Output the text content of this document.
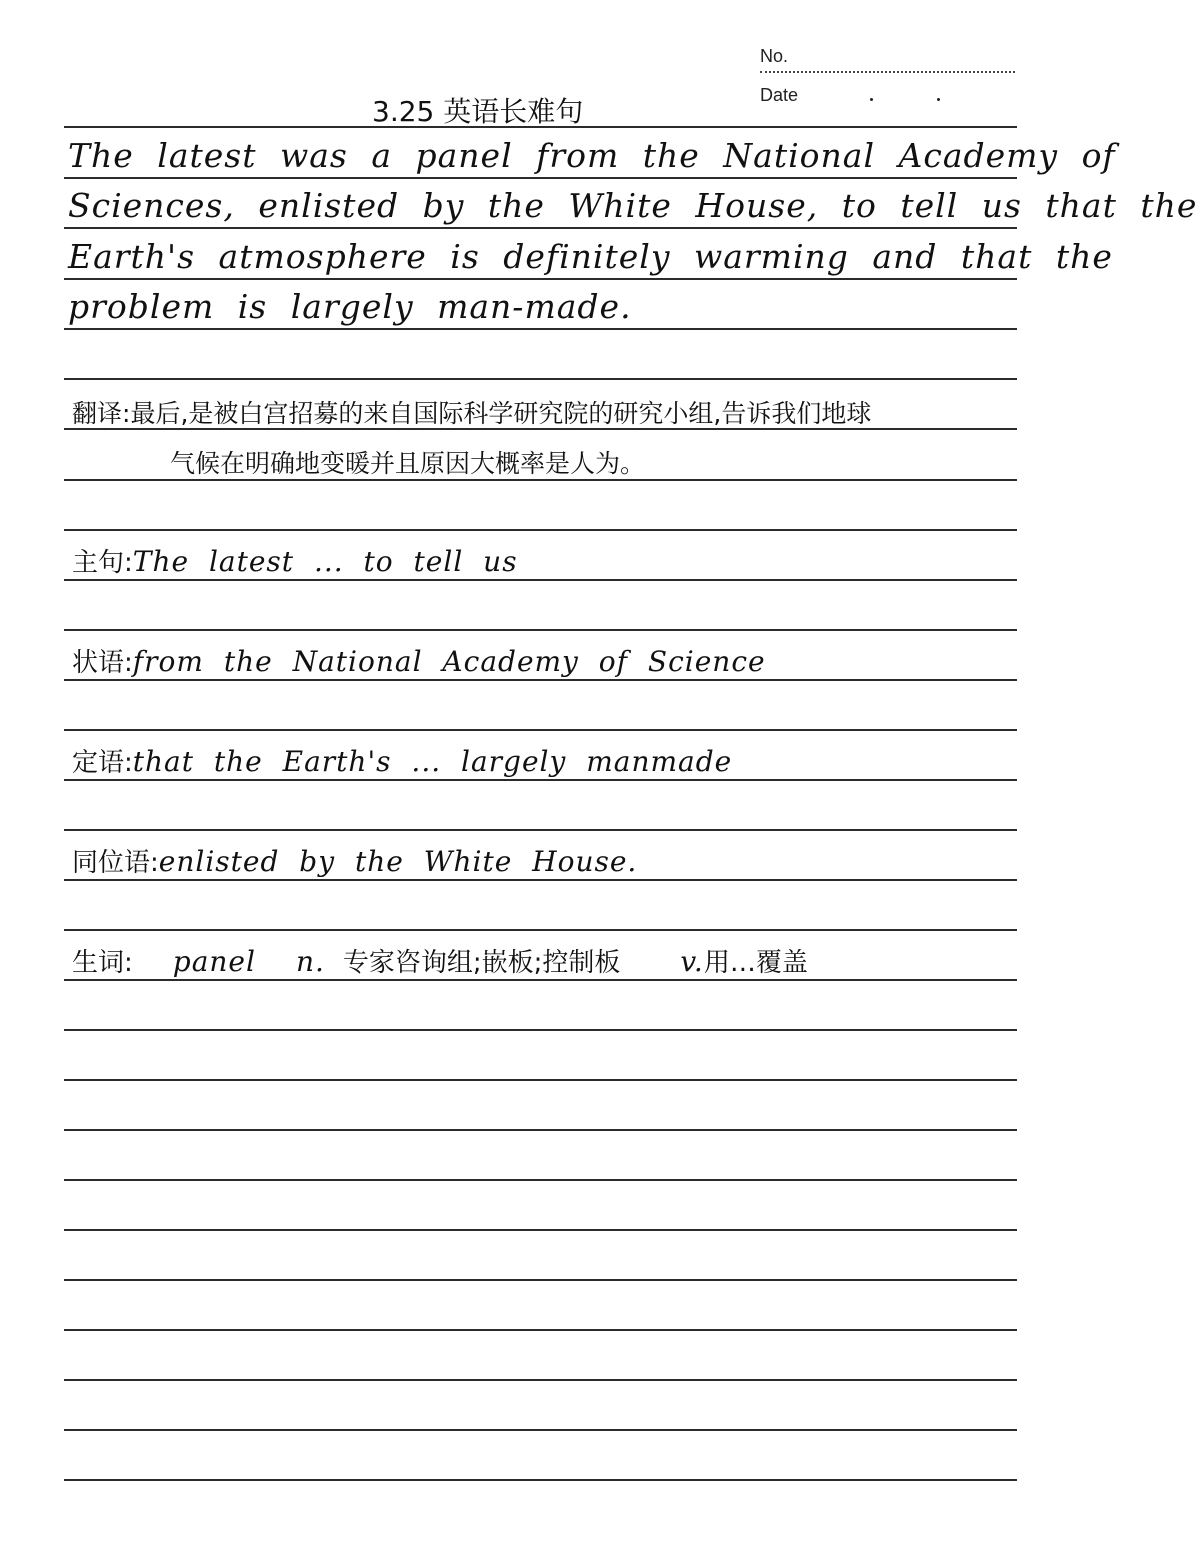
No.
Date
3.25 英语长难句
The latest was a panel from the National Academy of
Sciences, enlisted by the White House, to tell us that the
Earth's atmosphere is definitely warming and that the
problem is largely man-made.
翻译:最后,是被白宫招募的来自国际科学研究院的研究小组,告诉我们地球
气候在明确地变暖并且原因大概率是人为。
主句:The latest ... to tell us
状语:from the National Academy of Science
定语:that the Earth's ... largely manmade
同位语:enlisted by the White House.
生词: panel n. 专家咨询组;嵌板;控制板 v.用…覆盖
